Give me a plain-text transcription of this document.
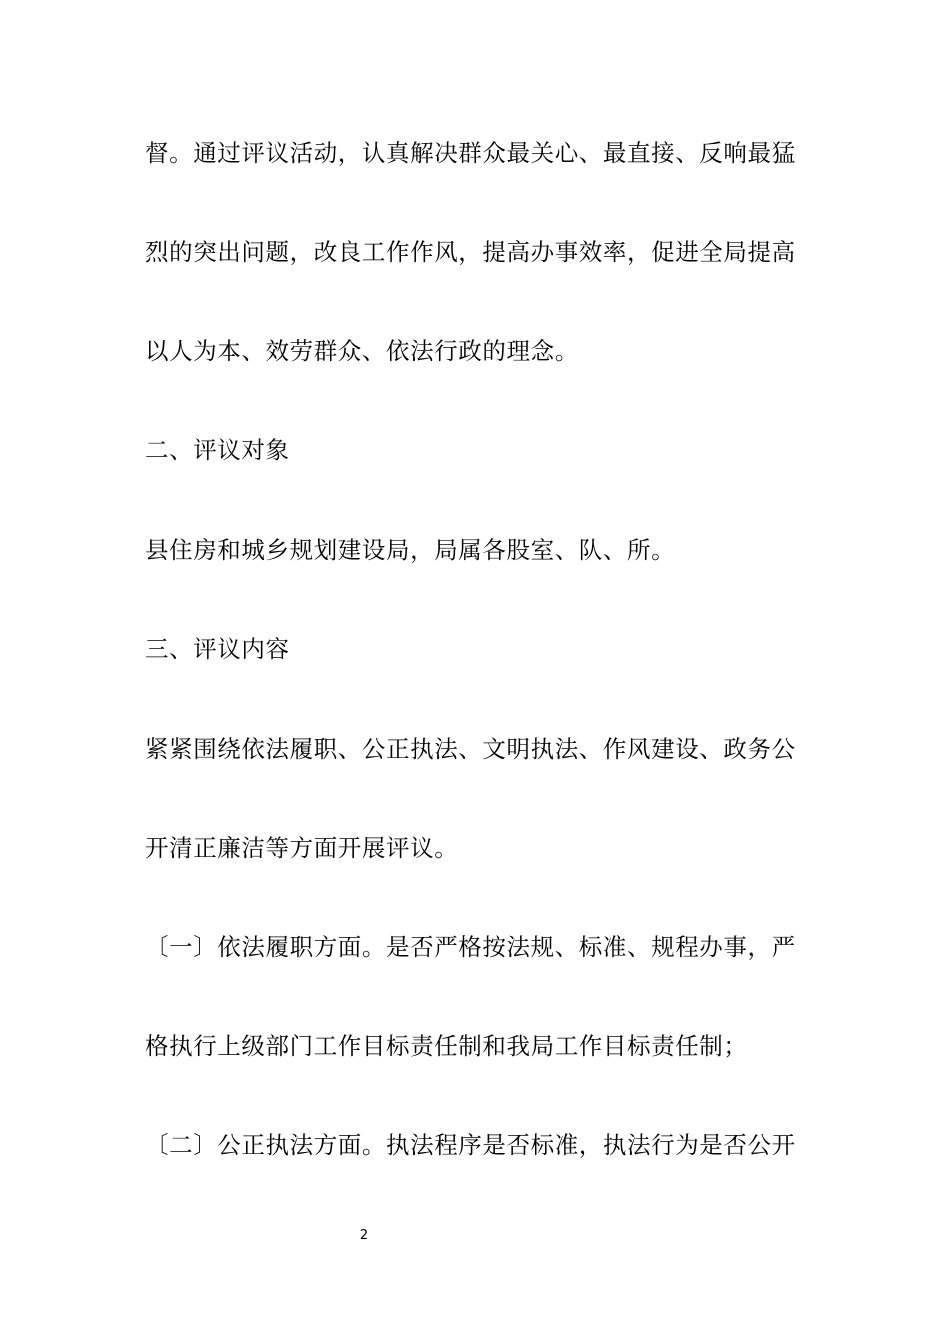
督。通过评议活动，认真解决群众最关心、最直接、反响最猛
烈的突出问题，改良工作作风，提高办事效率，促进全局提高
以人为本、效劳群众、依法行政的理念。
二、评议对象
县住房和城乡规划建设局，局属各股室、队、所。
三、评议内容
紧紧围绕依法履职、公正执法、文明执法、作风建设、政务公
开清正廉洁等方面开展评议。
〔一〕依法履职方面。是否严格按法规、标准、规程办事，严
格执行上级部门工作目标责任制和我局工作目标责任制；
〔二〕公正执法方面。执法程序是否标准，执法行为是否公开
2
